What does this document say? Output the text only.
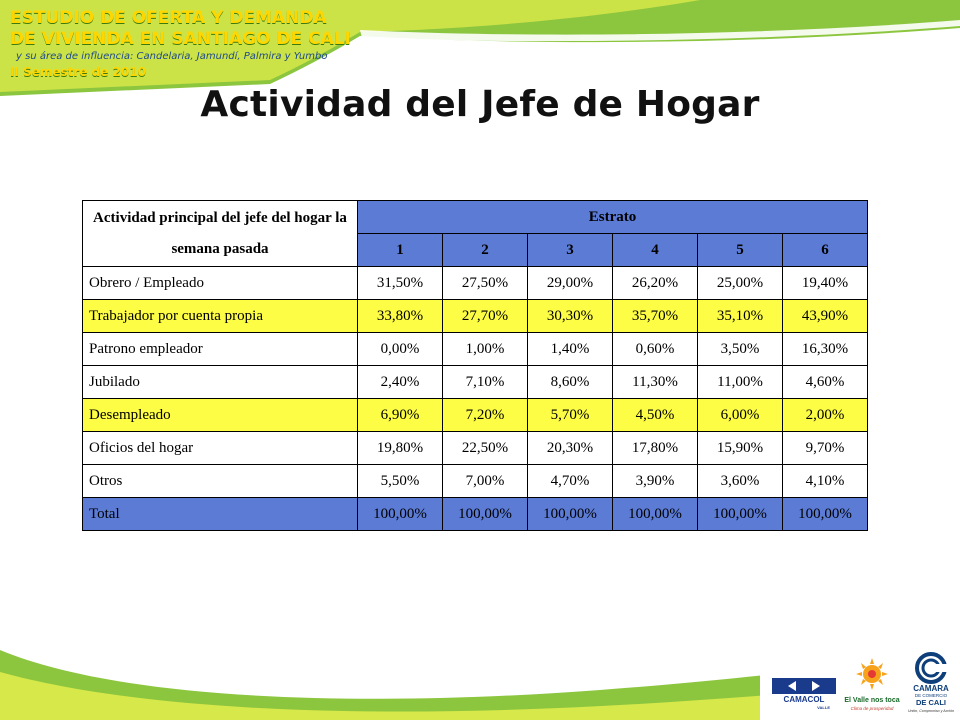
ESTUDIO DE OFERTA Y DEMANDA
DE VIVIENDA EN SANTIAGO DE CALI
y su área de influencia: Candelaria, Jamundí, Palmira y Yumbo
II Semestre de 2010
Actividad del Jefe de Hogar
Actividad principal del jefe del hogar la semana pasada	Estrato					
	1	2	3	4	5	6
Obrero / Empleado	31,50%	27,50%	29,00%	26,20%	25,00%	19,40%
Trabajador por cuenta propia	33,80%	27,70%	30,30%	35,70%	35,10%	43,90%
Patrono empleador	0,00%	1,00%	1,40%	0,60%	3,50%	16,30%
Jubilado	2,40%	7,10%	8,60%	11,30%	11,00%	4,60%
Desempleado	6,90%	7,20%	5,70%	4,50%	6,00%	2,00%
Oficios del hogar	19,80%	22,50%	20,30%	17,80%	15,90%	9,70%
Otros	5,50%	7,00%	4,70%	3,90%	3,60%	4,10%
Total	100,00%	100,00%	100,00%	100,00%	100,00%	100,00%
CAMACOL
VALLE
El Valle nos toca
Clima de prosperidad
CAMARA
DE COMERCIO
DE CALI
Unión, Compromiso y Acción
